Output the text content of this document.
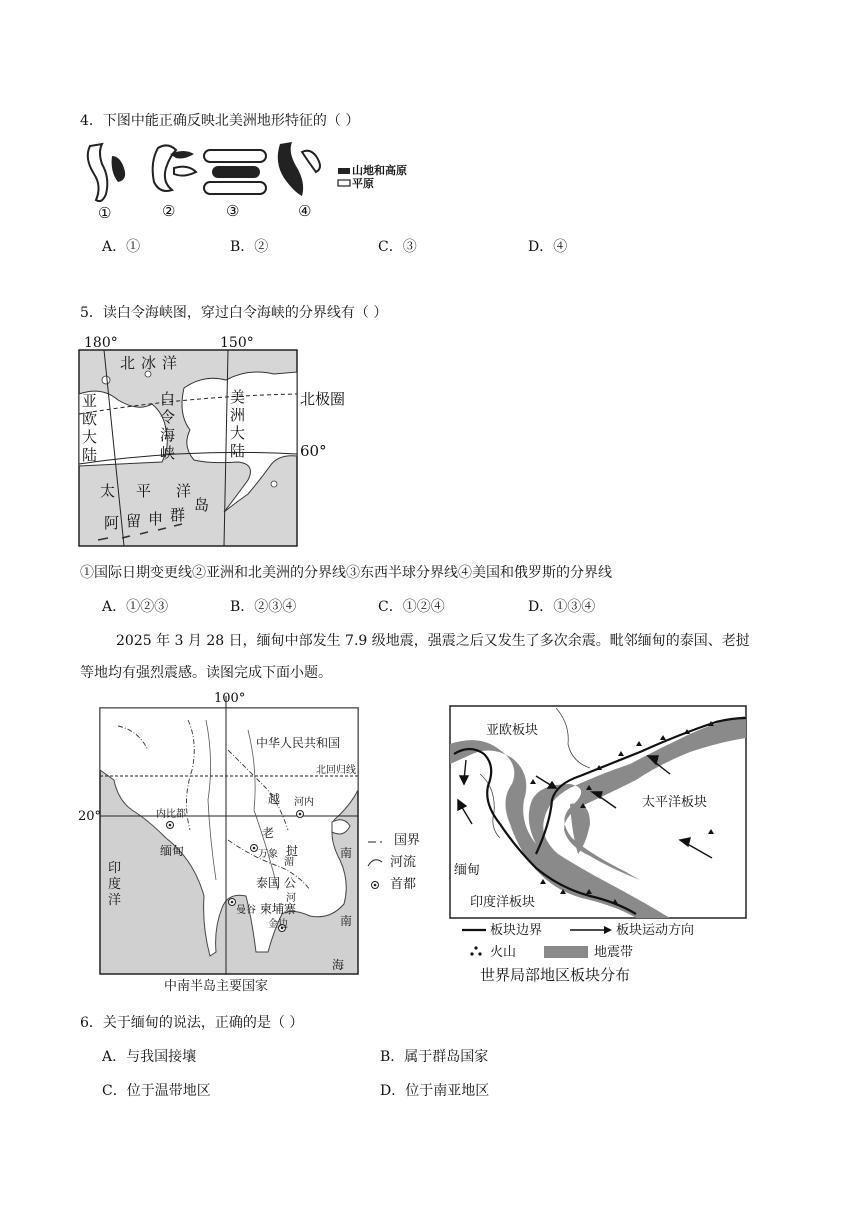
4．下图中能正确反映北美洲地形特征的（ ）
山地和高原
平原
①	②	③	④
A．①	B．②	C．③	D．④
5．读白令海峡图，穿过白令海峡的分界线有（ ）
180°	150°
北冰洋
北极圈
60°
亚
欧
大
陆
白
令
海
峡
美
洲
大
陆
太 平 洋
阿 留 申 群
岛
①国际日期变更线②亚洲和北美洲的分界线③东西半球分界线④美国和俄罗斯的分界线
A．①②③	B．②③④	C．①②④	D．①③④
2025 年 3 月 28 日，缅甸中部发生 7.9 级地震，强震之后又发生了多次余震。毗邻缅甸的泰国、老挝
等地均有强烈震感。读图完成下面小题。
100°
20°
中华人民共和国
北回归线
内比都
河内
越
老
万象
湄
挝
缅甸
泰国 公
河
曼谷 柬埔寨
金边
南
南
海
印
度
洋
国界
河流
首都
中南半岛主要国家
亚欧板块
太平洋板块
缅甸
印度洋板块
板块边界	板块运动方向
火山	地震带
世界局部地区板块分布
6．关于缅甸的说法，正确的是（ ）
A．与我国接壤	B．属于群岛国家
C．位于温带地区	D．位于南亚地区
